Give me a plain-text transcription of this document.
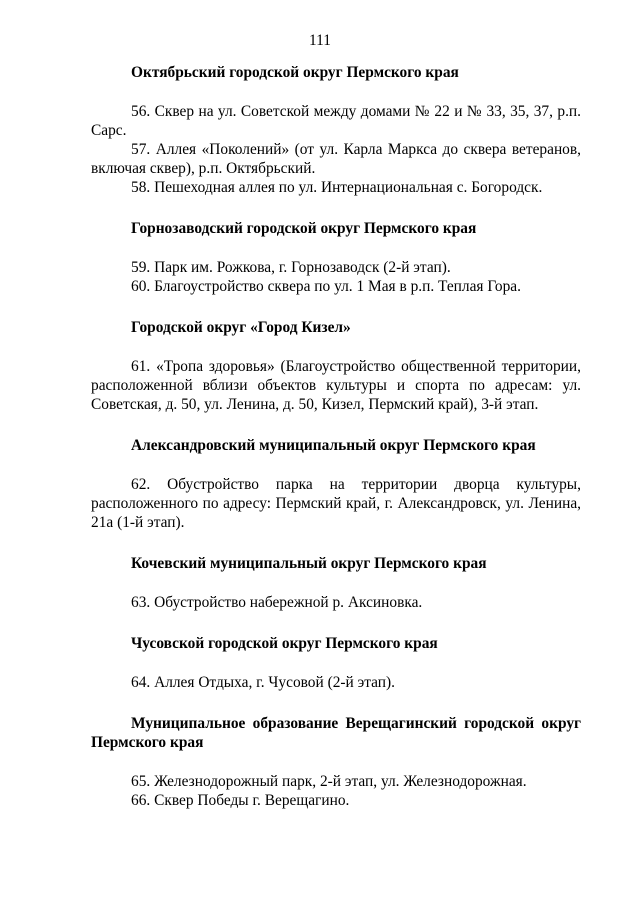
111

Октябрьский городской округ Пермского края

56. Сквер на ул. Советской между домами № 22 и № 33, 35, 37, р.п. Сарс.

57. Аллея «Поколений» (от ул. Карла Маркса до сквера ветеранов, включая сквер), р.п. Октябрьский.

58. Пешеходная аллея по ул. Интернациональная с. Богородск.

Горнозаводский городской округ Пермского края

59. Парк им. Рожкова, г. Горнозаводск (2-й этап).

60. Благоустройство сквера по ул. 1 Мая в р.п. Теплая Гора.

Городской округ «Город Кизел»

61. «Тропа здоровья» (Благоустройство общественной территории, расположенной вблизи объектов культуры и спорта по адресам: ул. Советская, д. 50, ул. Ленина, д. 50, Кизел, Пермский край), 3-й этап.

Александровский муниципальный округ Пермского края

62. Обустройство парка на территории дворца культуры, расположенного по адресу: Пермский край, г. Александровск, ул. Ленина, 21а (1-й этап).

Кочевский муниципальный округ Пермского края

63. Обустройство набережной р. Аксиновка.

Чусовской городской округ Пермского края

64. Аллея Отдыха, г. Чусовой (2-й этап).

Муниципальное образование Верещагинский городской округ Пермского края

65. Железнодорожный парк, 2-й этап, ул. Железнодорожная.

66. Сквер Победы г. Верещагино.
